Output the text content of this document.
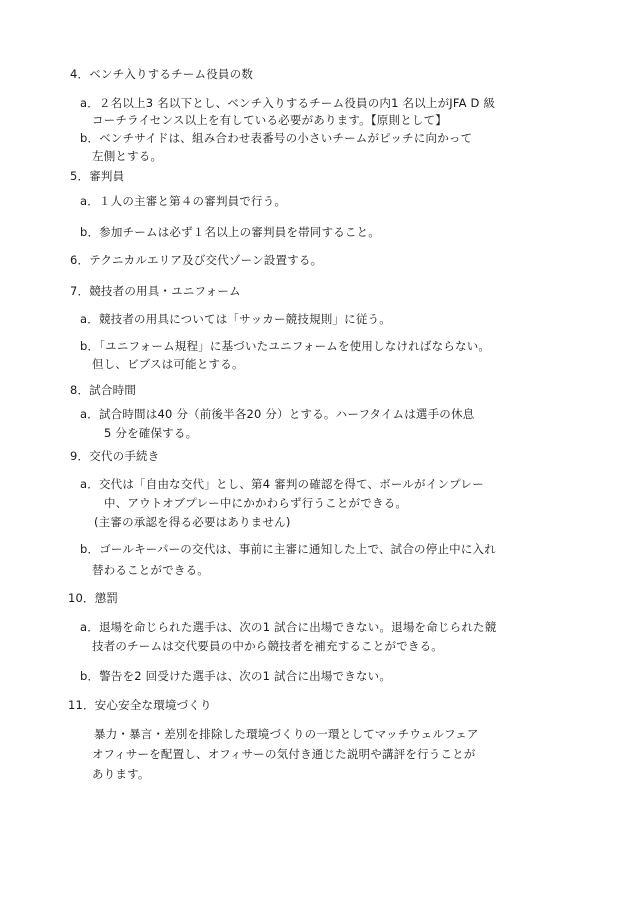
4．ベンチ入りするチーム役員の数
a．２名以上3 名以下とし、ベンチ入りするチーム役員の内1 名以上がJFA D 級
コーチライセンス以上を有している必要があります。【原則として】
b．ベンチサイドは、組み合わせ表番号の小さいチームがピッチに向かって
左側とする。
5．審判員
a．１人の主審と第４の審判員で行う。
b．参加チームは必ず１名以上の審判員を帯同すること。
6．テクニカルエリア及び交代ゾーン設置する。
7．競技者の用具・ユニフォーム
a．競技者の用具については「サッカー競技規則」に従う。
b．「ユニフォーム規程」に基づいたユニフォームを使用しなければならない。
但し、ビブスは可能とする。
8．試合時間
a．試合時間は40 分（前後半各20 分）とする。ハーフタイムは選手の休息
5 分を確保する。
9．交代の手続き
a．交代は「自由な交代」とし、第4 審判の確認を得て、ボールがインプレー
中、アウトオブプレー中にかかわらず行うことができる。
(主審の承認を得る必要はありません)
b．ゴールキーパーの交代は、事前に主審に通知した上で、試合の停止中に入れ
替わることができる。
10．懲罰
a．退場を命じられた選手は、次の1 試合に出場できない。退場を命じられた競
技者のチームは交代要員の中から競技者を補充することができる。
b．警告を2 回受けた選手は、次の1 試合に出場できない。
11．安心安全な環境づくり
暴力・暴言・差別を排除した環境づくりの一環としてマッチウェルフェア
オフィサーを配置し、オフィサーの気付き通じた説明や講評を行うことが
あります。
